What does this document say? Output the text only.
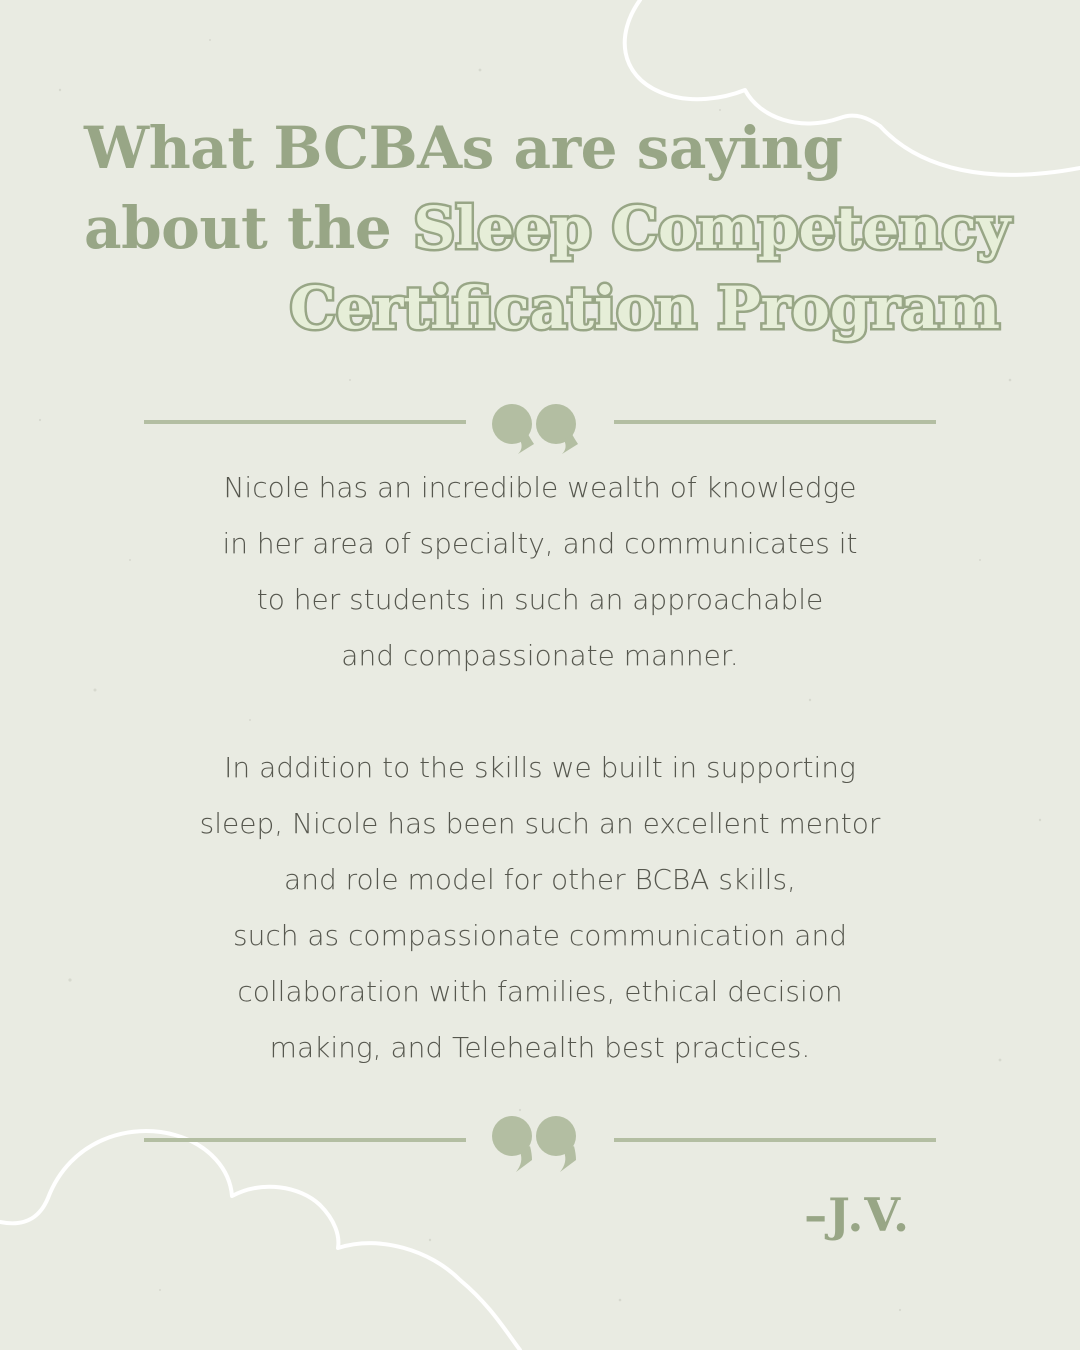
What BCBAs are saying
about the Sleep Competency
Certification Program
Nicole has an incredible wealth of knowledge
in her area of specialty, and communicates it
to her students in such an approachable
and compassionate manner.
In addition to the skills we built in supporting
sleep, Nicole has been such an excellent mentor
and role model for other BCBA skills,
such as compassionate communication and
collaboration with families, ethical decision
making, and Telehealth best practices.
–J.V.
